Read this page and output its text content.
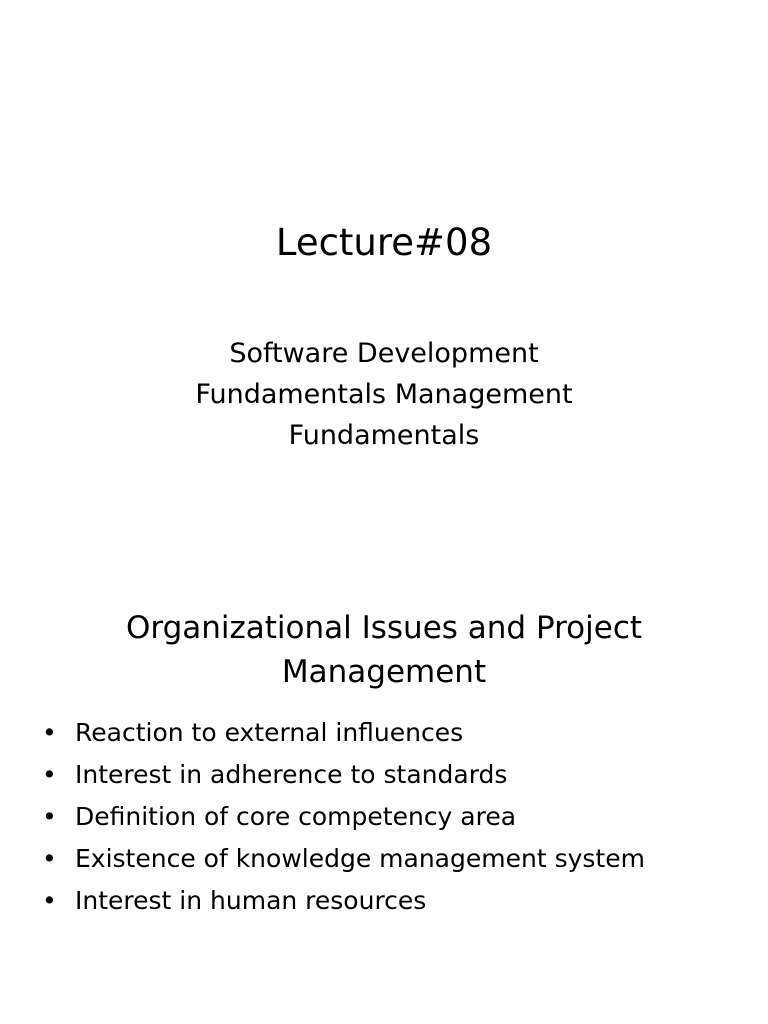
Lecture#08
Software Development
Fundamentals Management
Fundamentals
Organizational Issues and Project
Management
• Reaction to external influences
• Interest in adherence to standards
• Definition of core competency area
• Existence of knowledge management system
• Interest in human resources
